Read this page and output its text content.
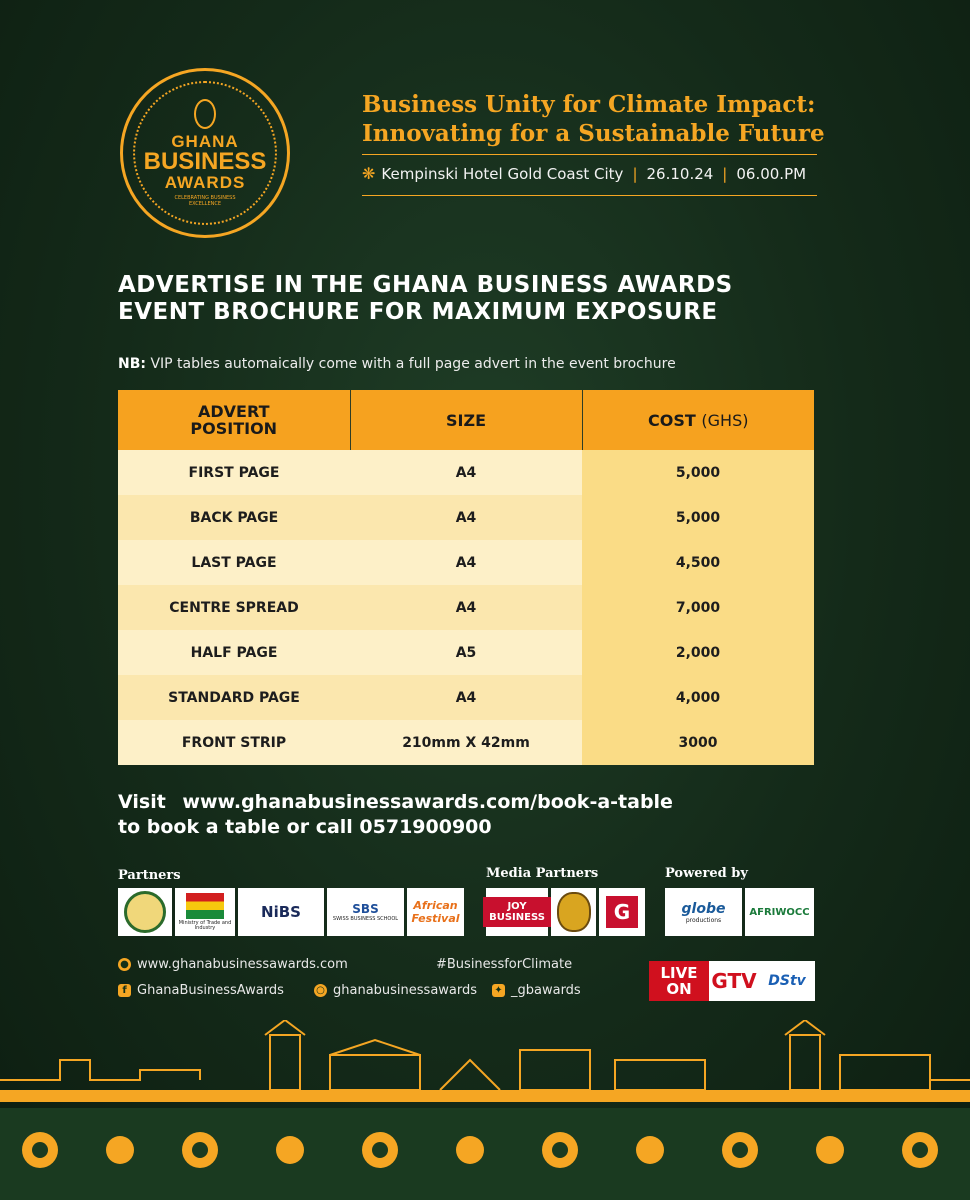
GHANA
BUSINESS
AWARDS
CELEBRATING BUSINESS EXCELLENCE
Business Unity for Climate Impact:
Innovating for a Sustainable Future
❋ Kempinski Hotel Gold Coast City | 26.10.24 | 06.00.PM
ADVERTISE IN THE GHANA BUSINESS AWARDS EVENT BROCHURE FOR MAXIMUM EXPOSURE
NB: VIP tables automaically come with a full page advert in the event brochure
ADVERT
POSITION	SIZE	COST (GHS)
FIRST PAGE	A4	5,000
BACK PAGE	A4	5,000
LAST PAGE	A4	4,500
CENTRE SPREAD	A4	7,000
HALF PAGE	A5	2,000
STANDARD PAGE	A4	4,000
FRONT STRIP	210mm X 42mm	3000
Visit www.ghanabusinessawards.com/book-a-table
to book a table or call 0571900900
Partners
Ministry of Trade and Industry
NiBS	SBS
SWISS BUSINESS SCHOOL
African Festival
Media Partners
JOY BUSINESS	G
Powered by
globe
productions
AFRIWOCC
● www.ghanabusinessawards.com	#BusinessforClimate
f GhanaBusinessAwards	○ ghanabusinessawards ✦ _gbawards
LIVE
ON GTV DStv
